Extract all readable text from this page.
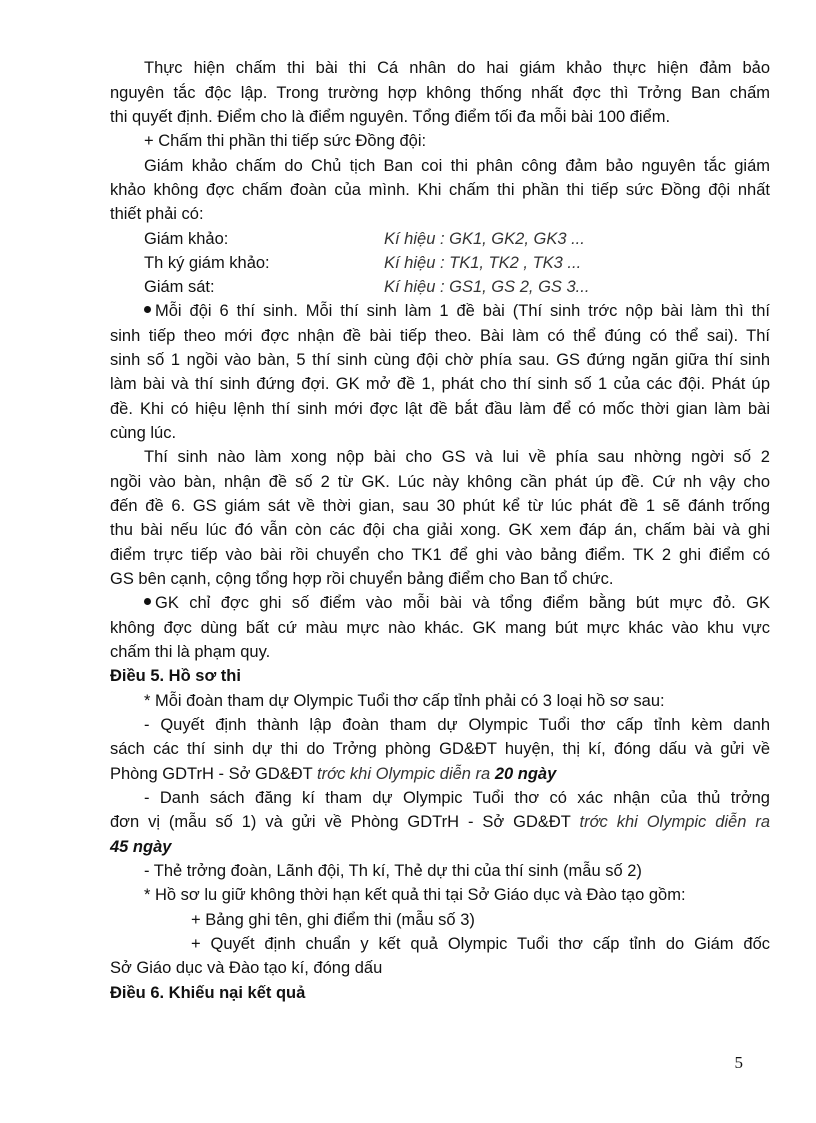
Thực hiện chấm thi bài thi Cá nhân do hai giám khảo thực hiện đảm bảo
nguyên tắc độc lập. Trong trường hợp không thống nhất đợc thì Trởng Ban chấm
thi quyết định. Điểm cho là điểm nguyên. Tổng điểm tối đa mỗi bài 100 điểm.
+ Chấm thi phần thi tiếp sức Đồng đội:
Giám khảo chấm do Chủ tịch Ban coi thi phân công đảm bảo nguyên tắc giám
khảo không đợc chấm đoàn của mình. Khi chấm thi phần thi tiếp sức Đồng đội nhất
thiết phải có:
Giám khảo:	Kí hiệu : GK1, GK2, GK3 ...
Th ký giám khảo:	Kí hiệu : TK1, TK2 , TK3 ...
Giám sát:	Kí hiệu : GS1, GS 2, GS 3...
Mỗi đội 6 thí sinh. Mỗi thí sinh làm 1 đề bài (Thí sinh trớc nộp bài làm thì thí
sinh tiếp theo mới đợc nhận đề bài tiếp theo. Bài làm có thể đúng có thể sai). Thí
sinh số 1 ngồi vào bàn, 5 thí sinh cùng đội chờ phía sau. GS đứng ngăn giữa thí sinh
làm bài và thí sinh đứng đợi. GK mở đề 1, phát cho thí sinh số 1 của các đội. Phát úp
đề. Khi có hiệu lệnh thí sinh mới đợc lật đề bắt đầu làm để có mốc thời gian làm bài
cùng lúc.
Thí sinh nào làm xong nộp bài cho GS và lui về phía sau nhờng ngời số 2
ngồi vào bàn, nhận đề số 2 từ GK. Lúc này không cần phát úp đề. Cứ nh vậy cho
đến đề 6. GS giám sát về thời gian, sau 30 phút kể từ lúc phát đề 1 sẽ đánh trống
thu bài nếu lúc đó vẫn còn các đội cha giải xong. GK xem đáp án, chấm bài và ghi
điểm trực tiếp vào bài rồi chuyển cho TK1 để ghi vào bảng điểm. TK 2 ghi điểm có
GS bên cạnh, cộng tổng hợp rồi chuyển bảng điểm cho Ban tổ chức.
GK chỉ đợc ghi số điểm vào mỗi bài và tổng điểm bằng bút mực đỏ. GK
không đợc dùng bất cứ màu mực nào khác. GK mang bút mực khác vào khu vực
chấm thi là phạm quy.
Điều 5. Hồ sơ thi
* Mỗi đoàn tham dự Olympic Tuổi thơ cấp tỉnh phải có 3 loại hồ sơ sau:
- Quyết định thành lập đoàn tham dự Olympic Tuổi thơ cấp tỉnh kèm danh
sách các thí sinh dự thi do Trởng phòng GD&ĐT huyện, thị kí, đóng dấu và gửi về
Phòng GDTrH - Sở GD&ĐT trớc khi Olympic diễn ra 20 ngày
- Danh sách đăng kí tham dự Olympic Tuổi thơ có xác nhận của thủ trởng
đơn vị (mẫu số 1) và gửi về Phòng GDTrH - Sở GD&ĐT trớc khi Olympic diễn ra
45 ngày
- Thẻ trởng đoàn, Lãnh đội, Th kí, Thẻ dự thi của thí sinh (mẫu số 2)
* Hồ sơ lu giữ không thời hạn kết quả thi tại Sở Giáo dục và Đào tạo gồm:
+ Bảng ghi tên, ghi điểm thi (mẫu số 3)
+ Quyết định chuẩn y kết quả Olympic Tuổi thơ cấp tỉnh do Giám đốc
Sở Giáo dục và Đào tạo kí, đóng dấu
Điều 6. Khiếu nại kết quả
5
